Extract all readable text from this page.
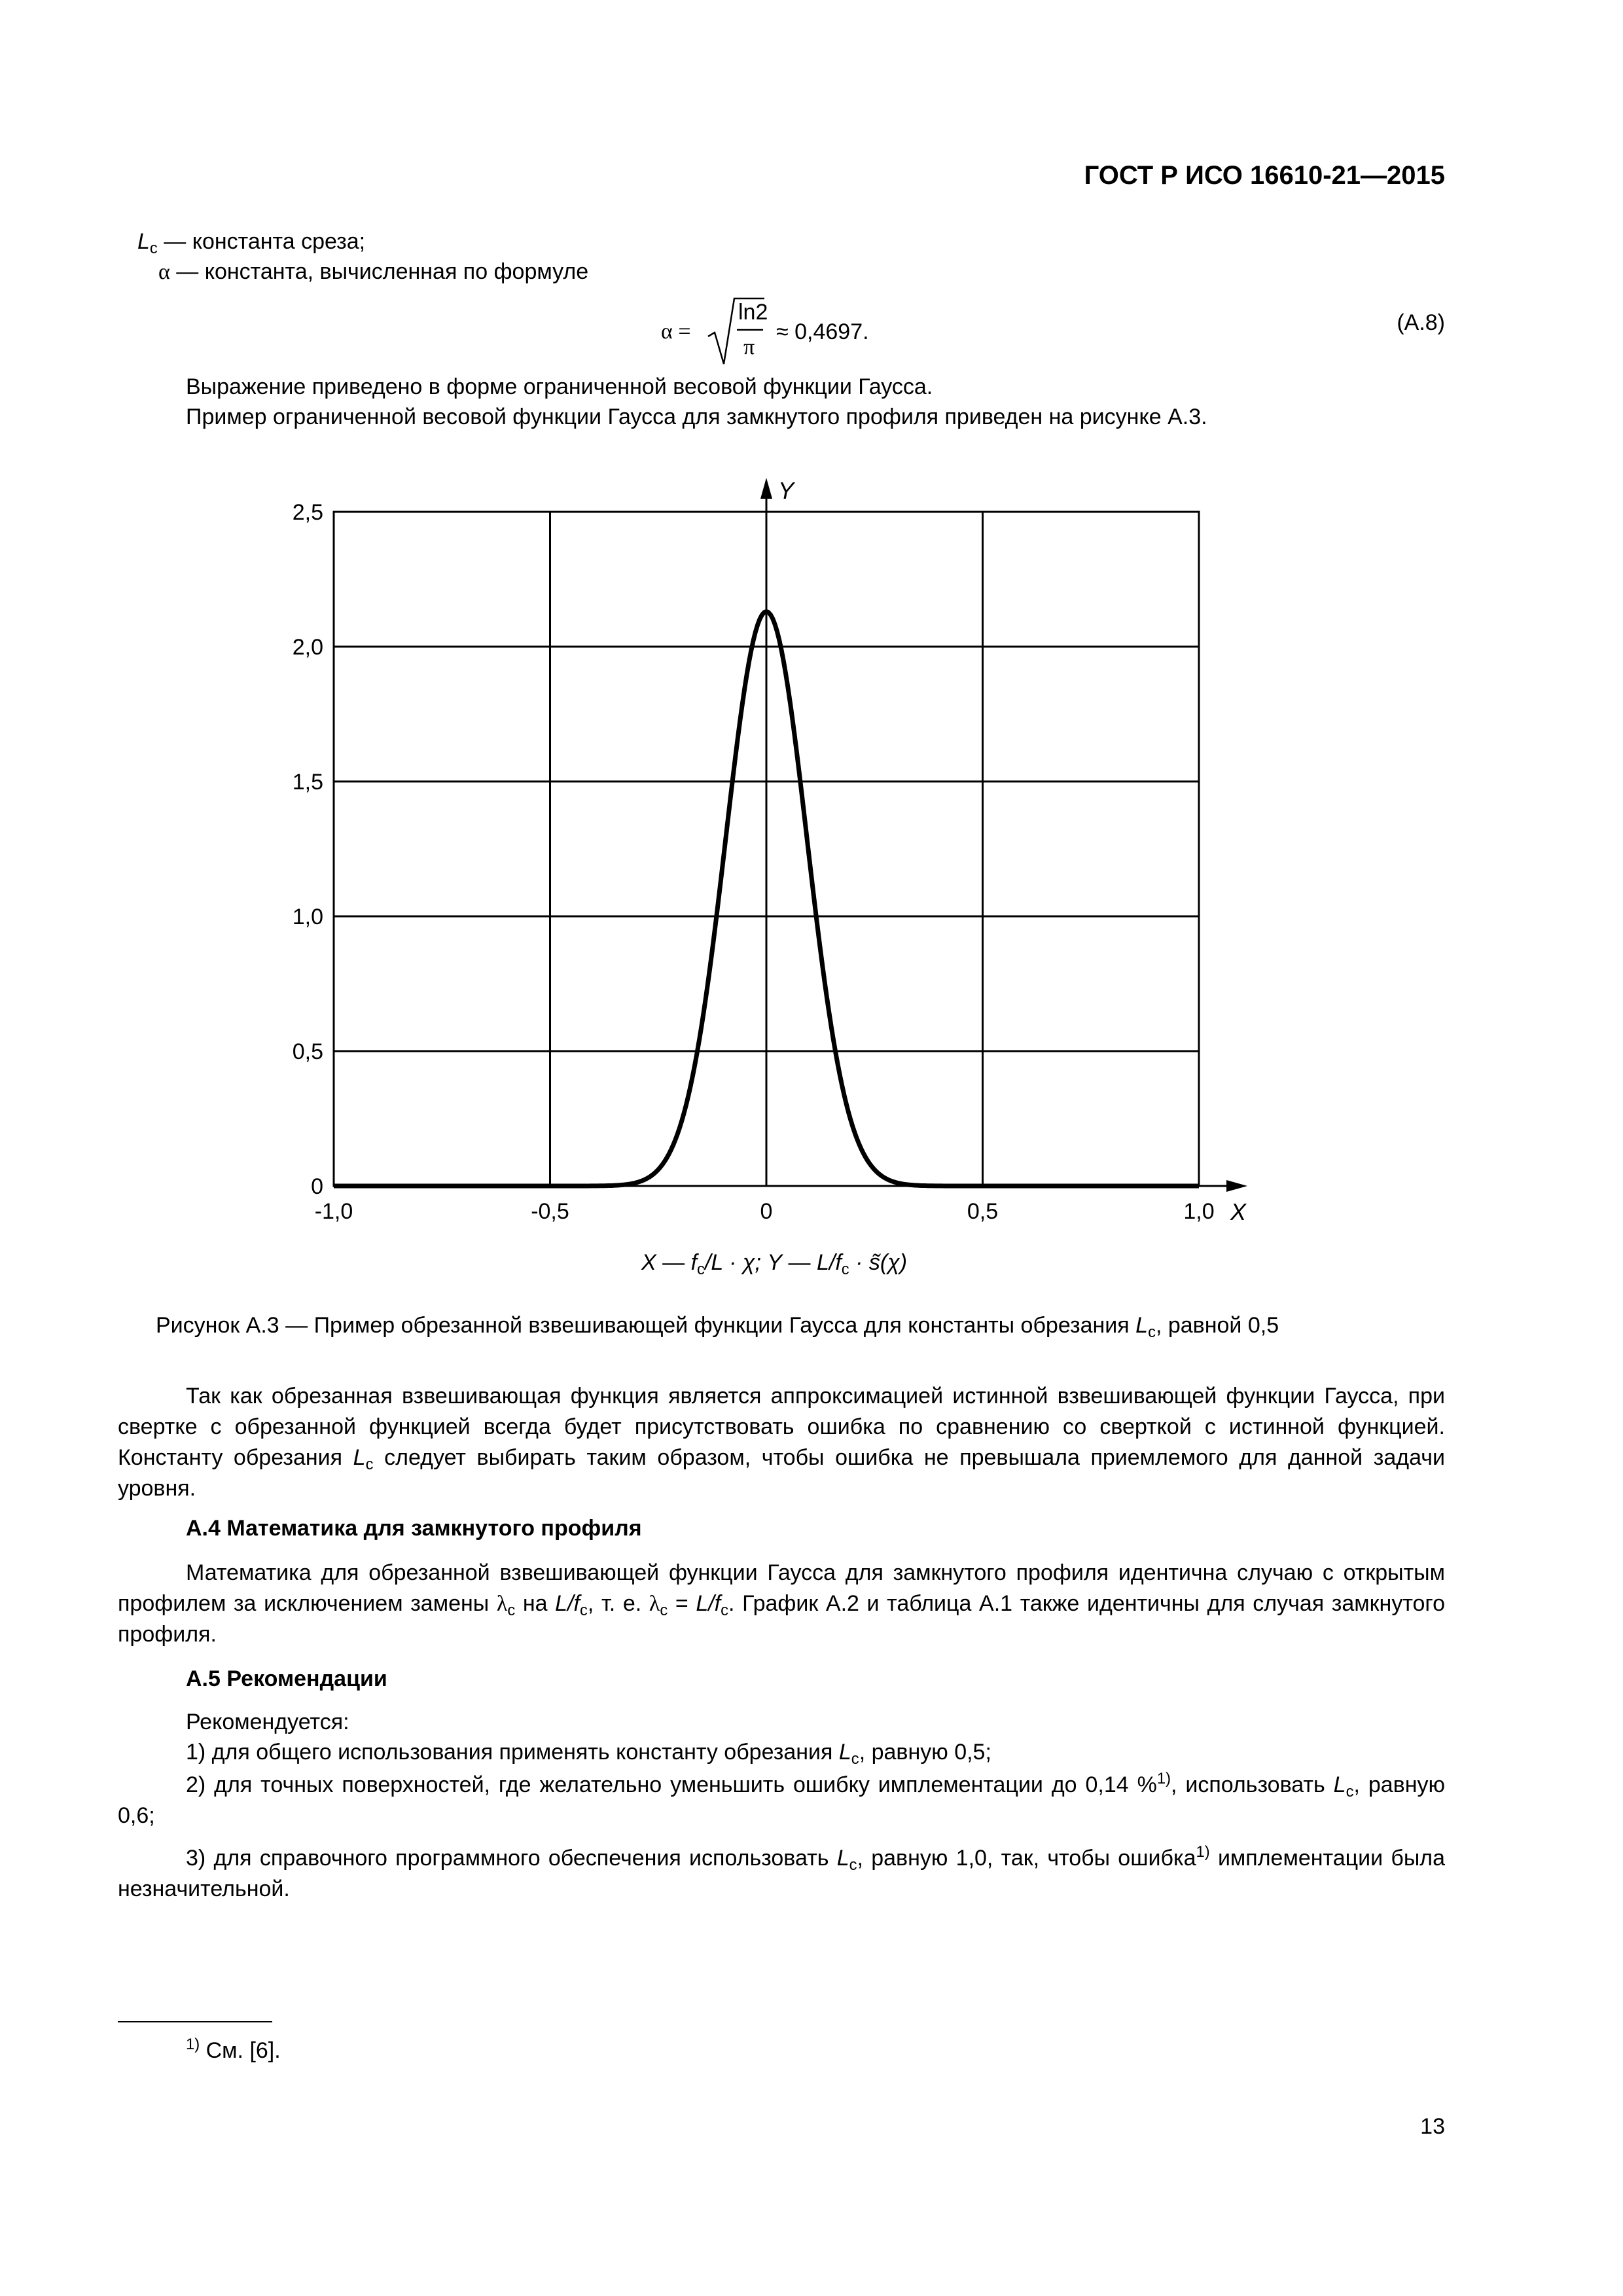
ГОСТ Р ИСО 16610-21—2015
$L_c$ — константа среза;
α — константа, вычисленная по формуле
α =
ln2
π
≈ 0,4697.	(А.8)
Выражение приведено в форме ограниченной весовой функции Гаусса.
Пример ограниченной весовой функции Гаусса для замкнутого профиля приведен на рисунке А.3.
Y
X
0
0,5
1,0
1,5
2,0
2,5
-1,0	-0,5	0	0,5	1,0
X — $f_c/L \cdot \chi$; Y — $L/f_c$ · s̃(χ)
Рисунок А.3 — Пример обрезанной взвешивающей функции Гаусса для константы обрезания $L_c$, равной 0,5

Так как обрезанная взвешивающая функция является аппроксимацией истинной взвешивающей функции Гаусса, при свертке с обрезанной функцией всегда будет присутствовать ошибка по сравнению со сверткой с истинной функцией. Константу обрезания $L_c$ следует выбирать таким образом, чтобы ошибка не превышала приемлемого для данной задачи уровня.

А.4 Математика для замкнутого профиля

Математика для обрезанной взвешивающей функции Гаусса для замкнутого профиля идентична случаю с открытым профилем за исключением замены $\lambda_c$ на $L/f_c$, т. е. $\lambda_c = L/f_c$. График А.2 и таблица А.1 также идентичны для случая замкнутого профиля.

А.5 Рекомендации
Рекомендуется:
1) для общего использования применять константу обрезания $L_c$, равную 0,5;

2) для точных поверхностей, где желательно уменьшить ошибку имплементации до 0,14 %$^{1)}$, использовать $L_c$, равную 0,6;

3) для справочного программного обеспечения использовать $L_c$, равную 1,0, так, чтобы ошибка$^{1)}$ имплементации была незначительной.

$^{1)}$ См. [6].
13
